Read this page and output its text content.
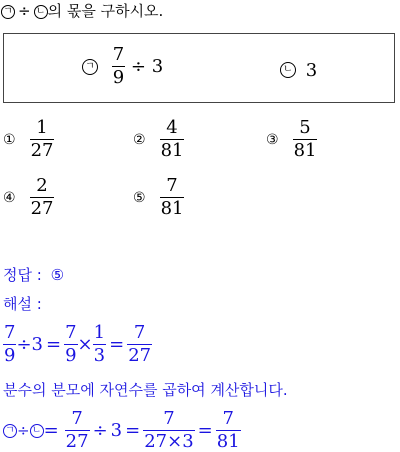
ㄱ ÷ ㄴ 의 몫을 구하시오.
ㄱ $\frac{7}{9} \div 3$	ㄴ 3
① $\frac{1}{27}$	② $\frac{4}{81}$	③ $\frac{5}{81}$
④ $\frac{2}{27}$	⑤ $\frac{7}{81}$
정답 : ⑤
해설 :
$\frac{7}{9} \div 3 = \frac{7}{9} \times \frac{1}{3} = \frac{7}{27}$
분수의 분모에 자연수를 곱하여 계산합니다.
ㄱ ÷ ㄴ = $\frac{7}{27} \div 3 = \frac{7}{27\times 3} = \frac{7}{81}$
